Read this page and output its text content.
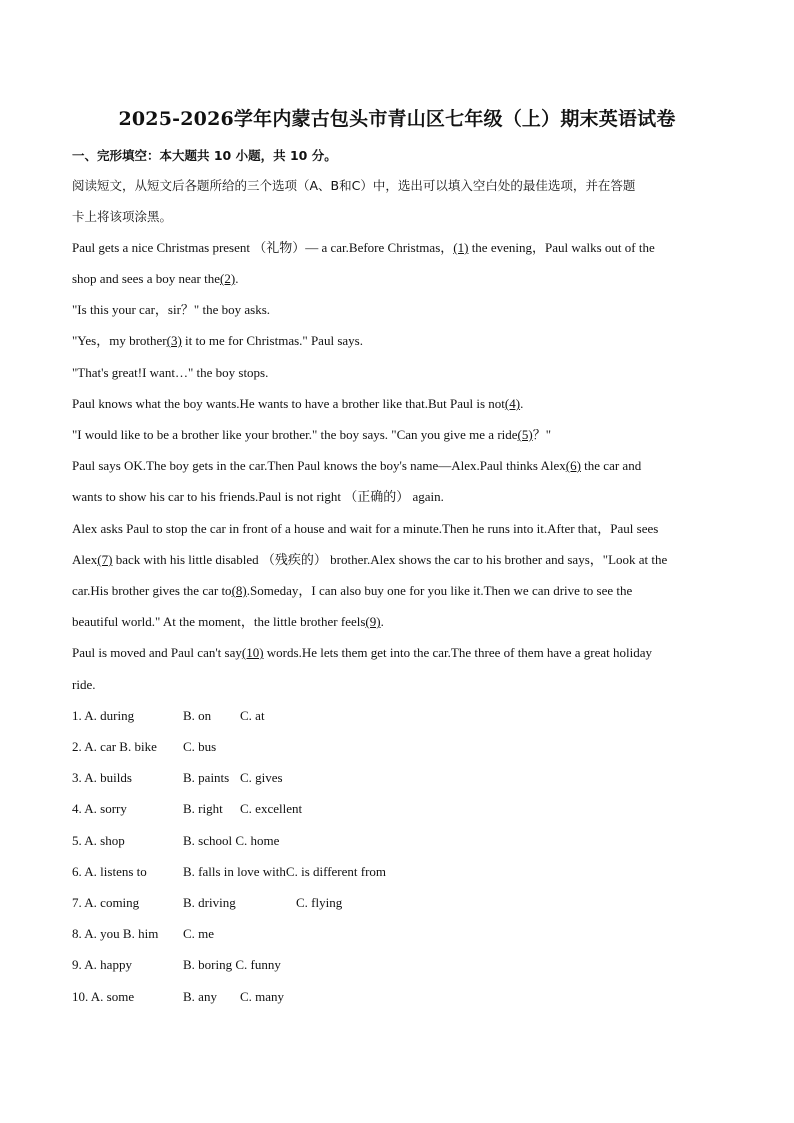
2025-2026学年内蒙古包头市青山区七年级（上）期末英语试卷
一、完形填空：本大题共 10 小题，共 10 分。
阅读短文，从短文后各题所给的三个选项（A、B和C）中，选出可以填入空白处的最佳选项，并在答题
卡上将该项涂黑。
Paul gets a nice Christmas present （礼物）— a car.Before Christmas，(1) the evening，Paul walks out of the
shop and sees a boy near the(2).
"Is this your car，sir？" the boy asks.
"Yes，my brother(3) it to me for Christmas." Paul says.
"That's great!I want…" the boy stops.
Paul knows what the boy wants.He wants to have a brother like that.But Paul is not(4).
"I would like to be a brother like your brother." the boy says. "Can you give me a ride(5)？"
Paul says OK.The boy gets in the car.Then Paul knows the boy's name—Alex.Paul thinks Alex(6) the car and
wants to show his car to his friends.Paul is not right （正确的） again.
Alex asks Paul to stop the car in front of a house and wait for a minute.Then he runs into it.After that，Paul sees
Alex(7) back with his little disabled （残疾的） brother.Alex shows the car to his brother and says，"Look at the
car.His brother gives the car to(8).Someday，I can also buy one for you like it.Then we can drive to see the
beautiful world." At the moment，the little brother feels(9).
Paul is moved and Paul can't say(10) words.He lets them get into the car.The three of them have a great holiday
ride.
1. A. during	B. on C. at
2. A. car B. bike C. bus
3. A. builds	B. paints C. gives
4. A. sorry	B. right C. excellent
5. A. shop	B. school C. home
6. A. listens to	B. falls in love withC. is different from
7. A. coming	B. driving	C. flying
8. A. you B. him C. me
9. A. happy	B. boring C. funny
10. A. some	B. any C. many
